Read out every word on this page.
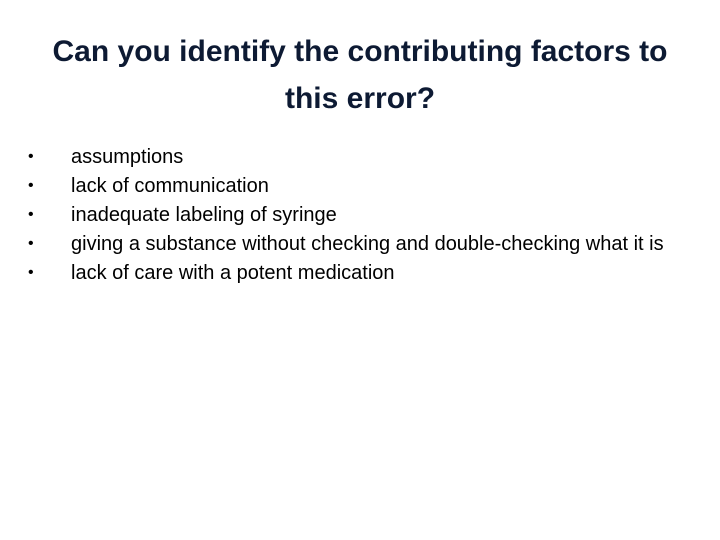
Can you identify the contributing factors to this error?
•	assumptions
•	lack of communication
•	inadequate labeling of syringe
•	giving a substance without checking and double-checking what it is
•	lack of care with a potent medication
